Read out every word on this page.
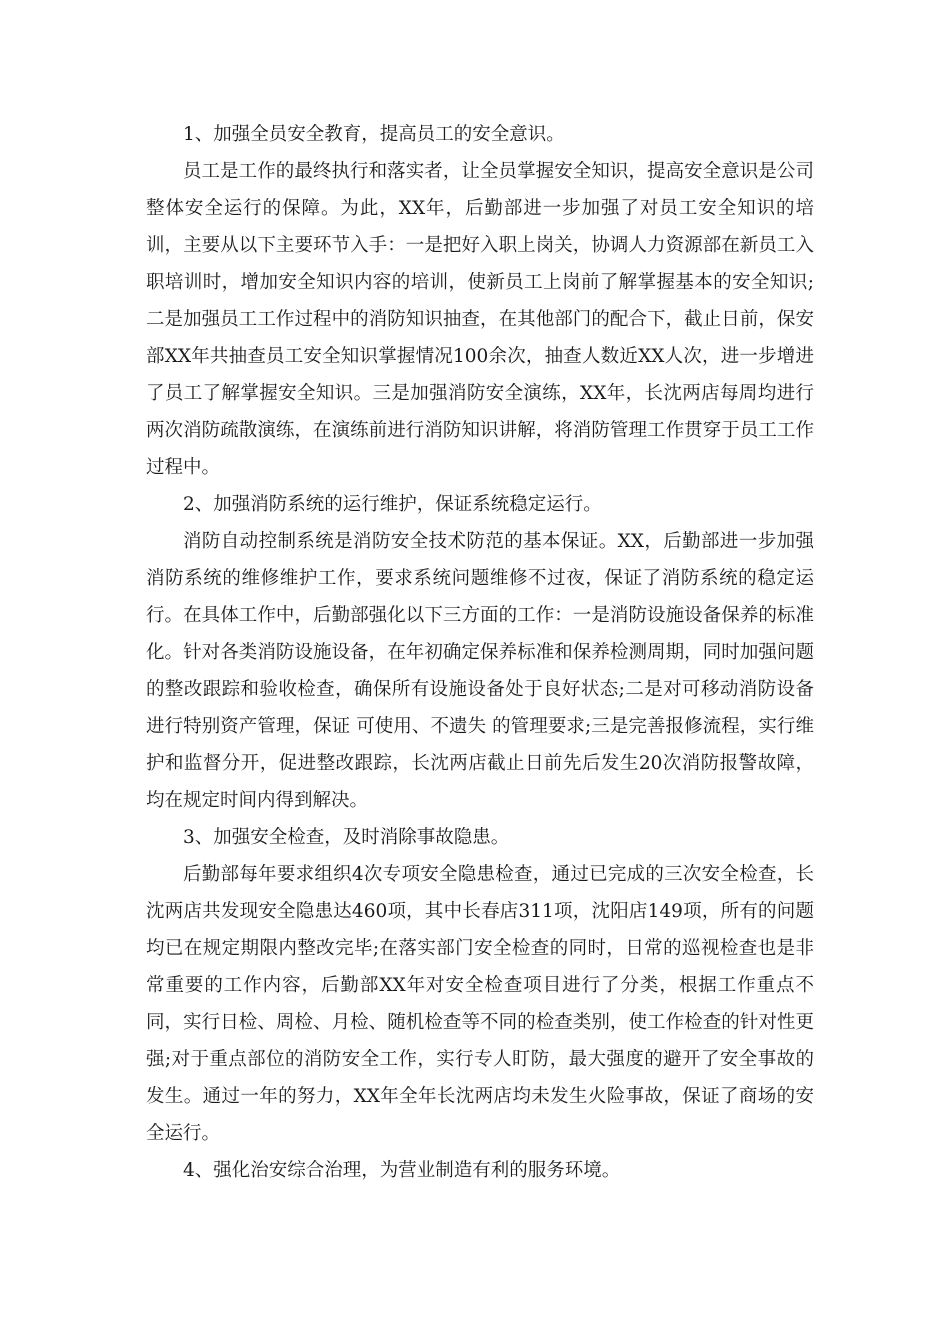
1、加强全员安全教育，提高员工的安全意识。

员工是工作的最终执行和落实者，让全员掌握安全知识，提高安全意识是公司整体安全运行的保障。为此，XX年，后勤部进一步加强了对员工安全知识的培训，主要从以下主要环节入手：一是把好入职上岗关，协调人力资源部在新员工入职培训时，增加安全知识内容的培训，使新员工上岗前了解掌握基本的安全知识;二是加强员工工作过程中的消防知识抽查，在其他部门的配合下，截止日前，保安部XX年共抽查员工安全知识掌握情况100余次，抽查人数近XX人次，进一步增进了员工了解掌握安全知识。三是加强消防安全演练，XX年，长沈两店每周均进行两次消防疏散演练，在演练前进行消防知识讲解，将消防管理工作贯穿于员工工作过程中。

2、加强消防系统的运行维护，保证系统稳定运行。

消防自动控制系统是消防安全技术防范的基本保证。XX，后勤部进一步加强消防系统的维修维护工作，要求系统问题维修不过夜，保证了消防系统的稳定运行。在具体工作中，后勤部强化以下三方面的工作：一是消防设施设备保养的标准化。针对各类消防设施设备，在年初确定保养标准和保养检测周期，同时加强问题的整改跟踪和验收检查，确保所有设施设备处于良好状态;二是对可移动消防设备进行特别资产管理，保证 可使用、不遗失 的管理要求;三是完善报修流程，实行维护和监督分开，促进整改跟踪，长沈两店截止日前先后发生20次消防报警故障，均在规定时间内得到解决。

3、加强安全检查，及时消除事故隐患。

后勤部每年要求组织4次专项安全隐患检查，通过已完成的三次安全检查，长沈两店共发现安全隐患达460项，其中长春店311项，沈阳店149项，所有的问题均已在规定期限内整改完毕;在落实部门安全检查的同时，日常的巡视检查也是非常重要的工作内容，后勤部XX年对安全检查项目进行了分类，根据工作重点不同，实行日检、周检、月检、随机检查等不同的检查类别，使工作检查的针对性更强;对于重点部位的消防安全工作，实行专人盯防，最大强度的避开了安全事故的发生。通过一年的努力，XX年全年长沈两店均未发生火险事故，保证了商场的安全运行。

4、强化治安综合治理，为营业制造有利的服务环境。
